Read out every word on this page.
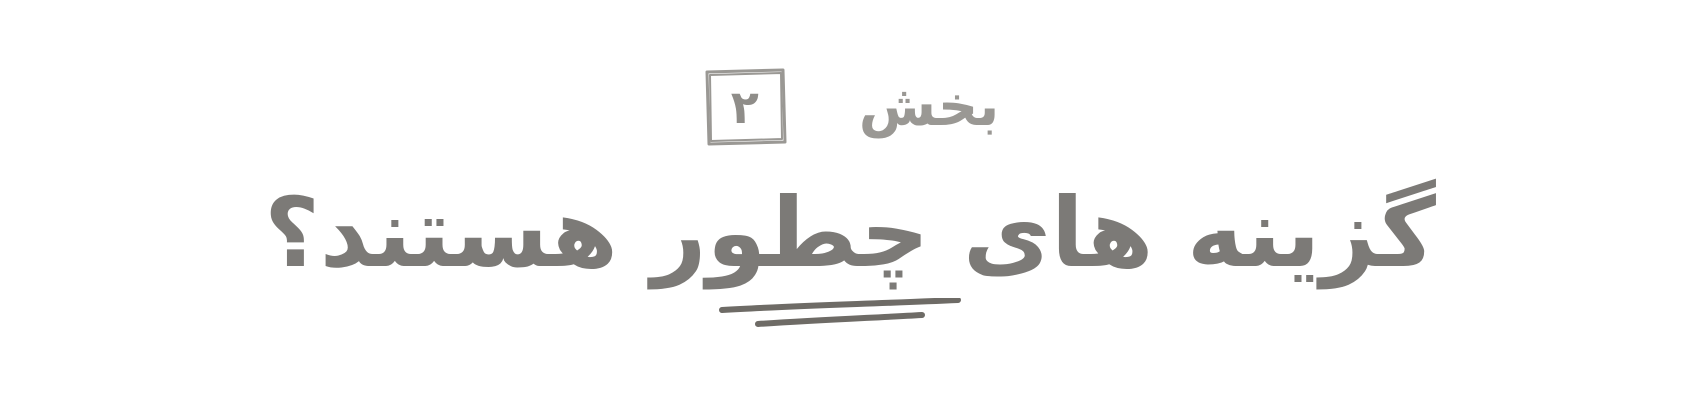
بخش
۲
گزینه های چطور هستند؟
